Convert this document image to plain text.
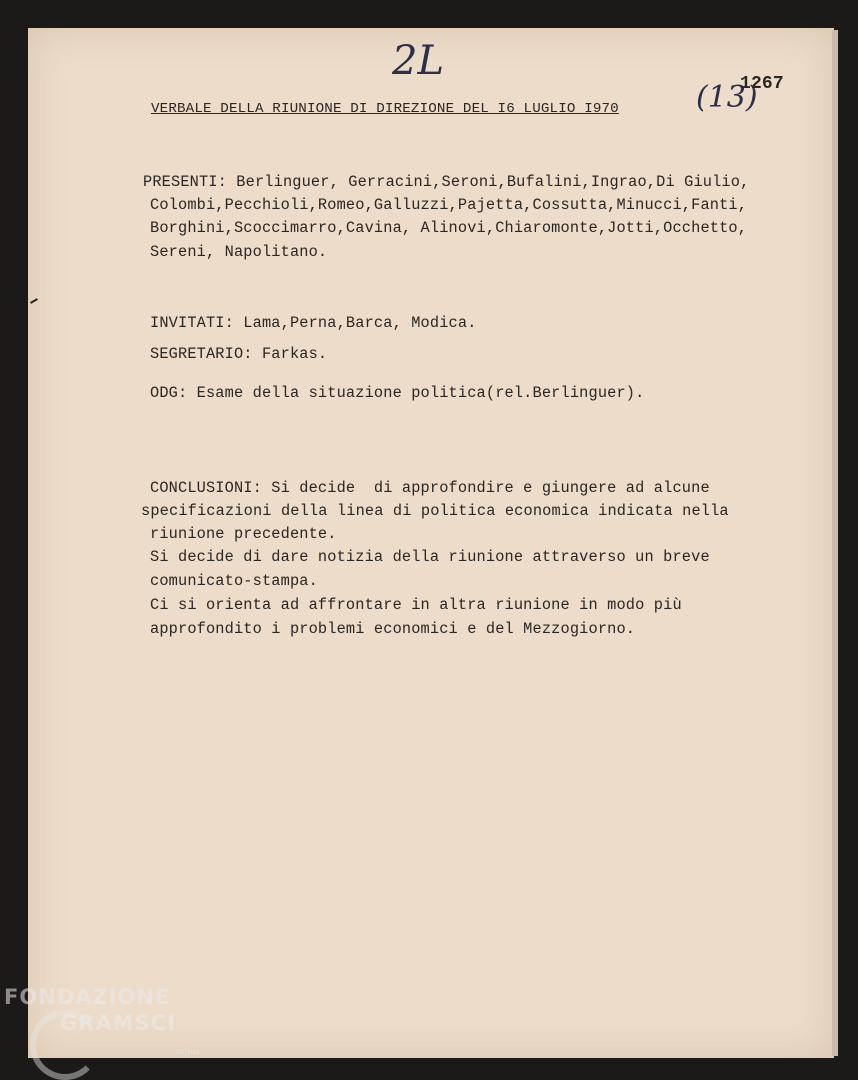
2L
(13)
1267
VERBALE DELLA RIUNIONE DI DIREZIONE DEL I6 LUGLIO I970
PRESENTI: Berlinguer, Gerracini,Seroni,Bufalini,Ingrao,Di Giulio,
Colombi,Pecchioli,Romeo,Galluzzi,Pajetta,Cossutta,Minucci,Fanti,
Borghini,Scoccimarro,Cavina, Alinovi,Chiaromonte,Jotti,Occhetto,
Sereni, Napolitano.
INVITATI: Lama,Perna,Barca, Modica.
SEGRETARIO: Farkas.
ODG: Esame della situazione politica(rel.Berlinguer).
CONCLUSIONI: Si decide  di approfondire e giungere ad alcune
specificazioni della linea di politica economica indicata nella
riunione precedente.
Si decide di dare notizia della riunione attraverso un breve
comunicato-stampa.
Ci si orienta ad affrontare in altra riunione in modo più
approfondito i problemi economici e del Mezzogiorno.
FONDAZIONE
GRAMSCI
onlus
